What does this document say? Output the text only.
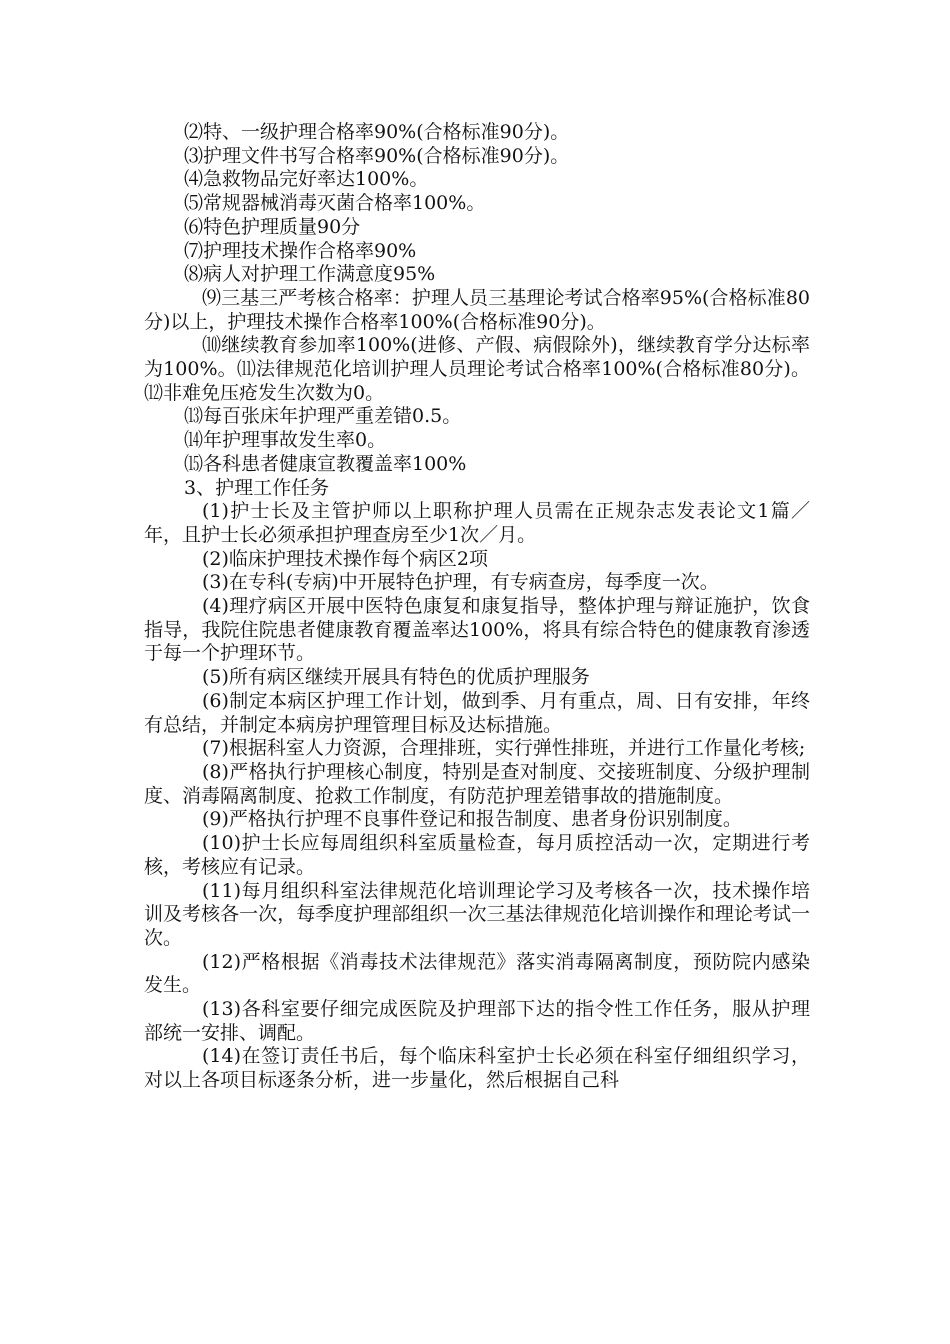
⑵特、一级护理合格率90%(合格标准90分)。

⑶护理文件书写合格率90%(合格标准90分)。

⑷急救物品完好率达100%。

⑸常规器械消毒灭菌合格率100%。

⑹特色护理质量90分

⑺护理技术操作合格率90%

⑻病人对护理工作满意度95%

⑼三基三严考核合格率：护理人员三基理论考试合格率95%(合格标准80分)以上，护理技术操作合格率100%(合格标准90分)。

⑽继续教育参加率100%(进修、产假、病假除外)，继续教育学分达标率为100%。⑾法律规范化培训护理人员理论考试合格率100%(合格标准80分)。⑿非难免压疮发生次数为0。

⒀每百张床年护理严重差错0.5。

⒁年护理事故发生率0。

⒂各科患者健康宣教覆盖率100%

3、护理工作任务

(1)护士长及主管护师以上职称护理人员需在正规杂志发表论文1篇／年，且护士长必须承担护理查房至少1次／月。

(2)临床护理技术操作每个病区2项

(3)在专科(专病)中开展特色护理，有专病查房，每季度一次。

(4)理疗病区开展中医特色康复和康复指导，整体护理与辩证施护，饮食指导，我院住院患者健康教育覆盖率达100%，将具有综合特色的健康教育渗透于每一个护理环节。

(5)所有病区继续开展具有特色的优质护理服务

(6)制定本病区护理工作计划，做到季、月有重点，周、日有安排，年终有总结，并制定本病房护理管理目标及达标措施。

(7)根据科室人力资源，合理排班，实行弹性排班，并进行工作量化考核;

(8)严格执行护理核心制度，特别是查对制度、交接班制度、分级护理制度、消毒隔离制度、抢救工作制度，有防范护理差错事故的措施制度。

(9)严格执行护理不良事件登记和报告制度、患者身份识别制度。

(10)护士长应每周组织科室质量检查，每月质控活动一次，定期进行考核，考核应有记录。

(11)每月组织科室法律规范化培训理论学习及考核各一次，技术操作培训及考核各一次，每季度护理部组织一次三基法律规范化培训操作和理论考试一次。

(12)严格根据《消毒技术法律规范》落实消毒隔离制度，预防院内感染发生。

(13)各科室要仔细完成医院及护理部下达的指令性工作任务，服从护理部统一安排、调配。

(14)在签订责任书后，每个临床科室护士长必须在科室仔细组织学习，对以上各项目标逐条分析，进一步量化，然后根据自己科
